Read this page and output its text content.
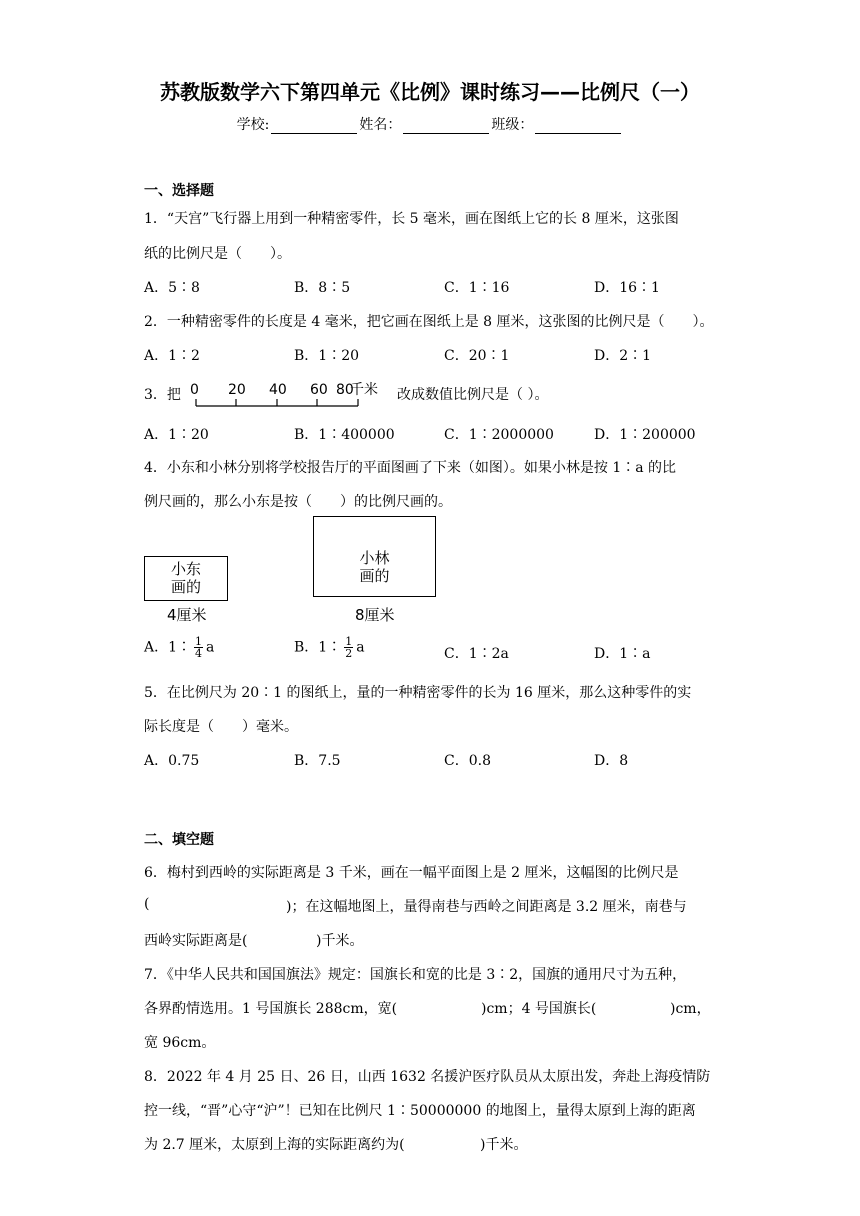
苏教版数学六下第四单元《比例》课时练习——比例尺（一）
学校:	姓名：	班级：
一、选择题
1．“天宫”飞行器上用到一种精密零件，长 5 毫米，画在图纸上它的长 8 厘米，这张图
纸的比例尺是（　　）。
A．5∶8	B．8∶5	C．1∶16	D．16∶1
2．一种精密零件的长度是 4 毫米，把它画在图纸上是 8 厘米，这张图的比例尺是（　　）。
A．1∶2	B．1∶20	C．20∶1	D．2∶1
3．把 0 20 40 60 80
千米 改成数值比例尺是（ ）。
A．1∶20	B．1∶400000	C．1∶2000000	D．1∶200000
4．小东和小林分别将学校报告厅的平面图画了下来（如图）。如果小林是按 1∶a 的比
例尺画的，那么小东是按（　　）的比例尺画的。
小东
画的
4厘米
小林
画的
8厘米
A．1∶ $\frac{1}{4}$ a	B．1∶ $\frac{1}{2}$ a	C．1∶2a	D．1∶a
5．在比例尺为 20∶1 的图纸上，量的一种精密零件的长为 16 厘米，那么这种零件的实
际长度是（　　）毫米。
A．0.75	B．7.5	C．0.8	D．8
二、填空题
6．梅村到西岭的实际距离是 3 千米，画在一幅平面图上是 2 厘米，这幅图的比例尺是
(	)；在这幅地图上，量得南巷与西岭之间距离是 3.2 厘米，南巷与
西岭实际距离是(	)千米。
7．《中华人民共和国国旗法》规定：国旗长和宽的比是 3∶2，国旗的通用尺寸为五种，
各界酌情选用。1 号国旗长 288cm，宽(	)cm；4 号国旗长(	)cm，
宽 96cm。
8．2022 年 4 月 25 日、26 日，山西 1632 名援沪医疗队员从太原出发，奔赴上海疫情防
控一线，“晋”心守“沪”！已知在比例尺 1∶50000000 的地图上，量得太原到上海的距离
为 2.7 厘米，太原到上海的实际距离约为(	)千米。
